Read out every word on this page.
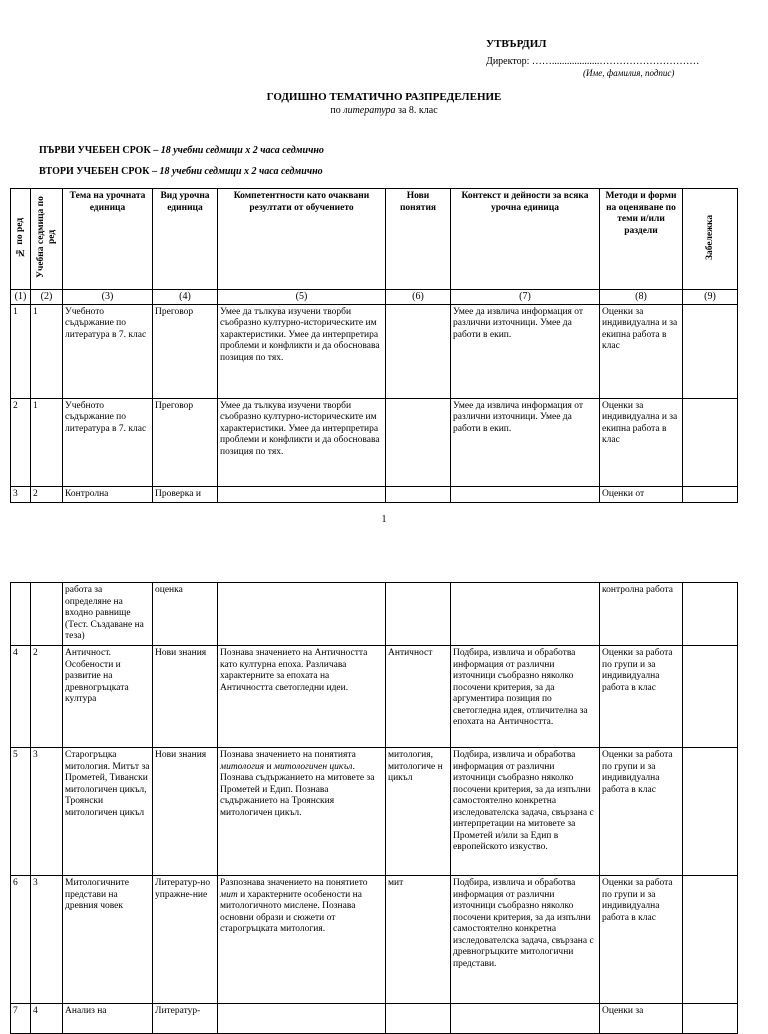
УТВЪРДИЛ
Директор: ……...................…………………………
(Име, фамилия, подпис)
ГОДИШНО ТЕМАТИЧНО РАЗПРЕДЕЛЕНИЕ
по литература за 8. клас
ПЪРВИ УЧЕБЕН СРОК – 18 учебни седмици х 2 часа седмично
ВТОРИ УЧЕБЕН СРОК – 18 учебни седмици х 2 часа седмично
№ по ред	Учебна седмица по ред	Тема на урочната единица	Вид урочна единица	Компетентности като очаквани резултати от обучението	Нови понятия	Контекст и дейности за всяка урочна единица	Методи и форми на оценяване по теми и/или раздели	Забележка

(1)	(2)	(3)	(4)	(5)	(6)	(7)	(8)	(9)
1	1	Учебното съдържание по литература в 7. клас	Преговор	Умее да тълкува изучени творби съобразно културно-историческите им характеристики. Умее да интерпретира проблеми и конфликти и да обосновава позиция по тях.		Умее да извлича информация от различни източници. Умее да работи в екип.	Оценки за индивидуална и за екипна работа в клас	
2	1	Учебното съдържание по литература в 7. клас	Преговор	Умее да тълкува изучени творби съобразно културно-историческите им характеристики. Умее да интерпретира проблеми и конфликти и да обосновава позиция по тях.		Умее да извлича информация от различни източници. Умее да работи в екип.	Оценки за индивидуална и за екипна работа в клас	
3	2	Контролна	Проверка и				Оценки от	
1
		работа за определяне на входно равнище (Тест. Създаване на теза)	оценка				контролна работа	
4	2	Античност. Особености и развитие на древногръцката култура	Нови знания	Познава значението на Античността като културна епоха. Различава характерните за епохата на Античността светогледни идеи.	Античност	Подбира, извлича и обработва информация от различни източници съобразно няколко посочени критерия, за да аргументира позиция по светогледна идея, отличителна за епохата на Античността.	Оценки за работа по групи и за индивидуална работа в клас	
5	3	Старогръцка митология. Митът за Прометей, Тивански митологичен цикъл, Троянски митологичен цикъл	Нови знания	Познава значението на понятията митология и митологичен цикъл. Познава съдържанието на митовете за Прометей и Едип. Познава съдържанието на Троянския митологичен цикъл.	митология, митологиче н цикъл	Подбира, извлича и обработва информация от различни източници съобразно няколко посочени критерия, за да изпълни самостоятелно конкретна изследователска задача, свързана с интерпретации на митовете за Прометей и/или за Едип в европейското изкуство.	Оценки за работа по групи и за индивидуална работа в клас	
6	3	Митологичните представи на древния човек	Литератур-но упражне-ние	Разпознава значението на понятието мит и характерните особености на митологичното мислене. Познава основни образи и сюжети от старогръцката митология.	мит	Подбира, извлича и обработва информация от различни източници съобразно няколко посочени критерия, за да изпълни самостоятелно конкретна изследователска задача, свързана с древногръцките митологични представи.	Оценки за работа по групи и за индивидуална работа в клас	
7	4	Анализ на	Литератур-				Оценки за	
